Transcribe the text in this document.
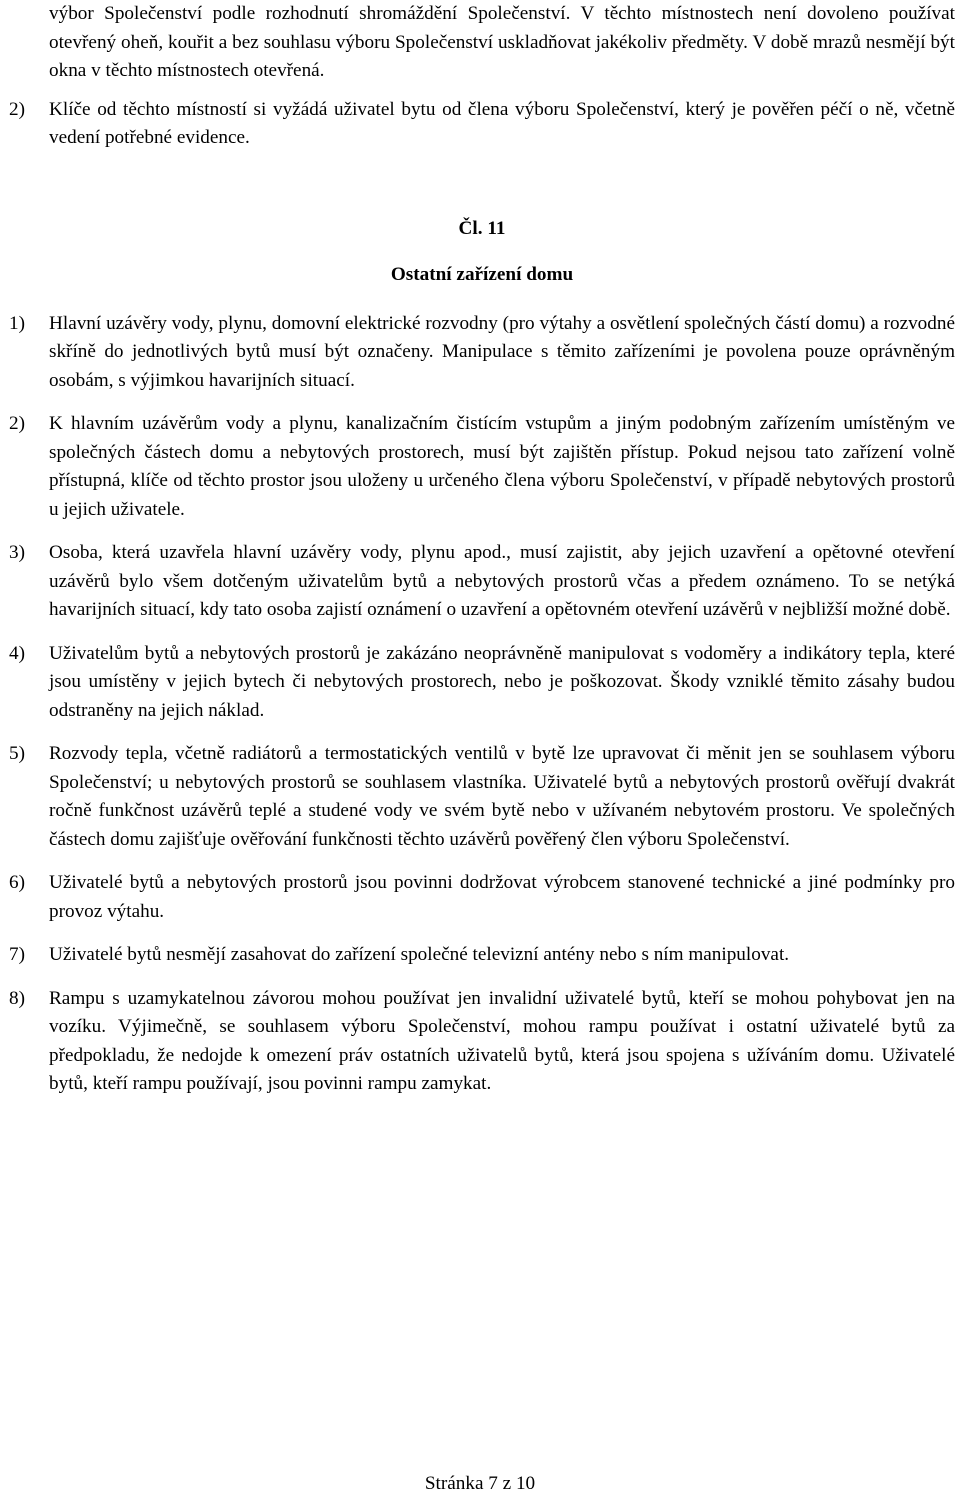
výbor Společenství podle rozhodnutí shromáždění Společenství. V těchto místnostech není dovoleno používat otevřený oheň, kouřit a bez souhlasu výboru Společenství uskladňovat jakékoliv předměty. V době mrazů nesmějí být okna v těchto místnostech otevřená.

2)	Klíče od těchto místností si vyžádá uživatel bytu od člena výboru Společenství, který je pověřen péčí o ně, včetně vedení potřebné evidence.

Čl. 11

Ostatní zařízení domu

1)	Hlavní uzávěry vody, plynu, domovní elektrické rozvodny (pro výtahy a osvětlení společných částí domu) a rozvodné skříně do jednotlivých bytů musí být označeny. Manipulace s těmito zařízeními je povolena pouze oprávněným osobám, s výjimkou havarijních situací.
2)	K hlavním uzávěrům vody a plynu, kanalizačním čistícím vstupům a jiným podobným zařízením umístěným ve společných částech domu a nebytových prostorech, musí být zajištěn přístup. Pokud nejsou tato zařízení volně přístupná, klíče od těchto prostor jsou uloženy u určeného člena výboru Společenství, v případě nebytových prostorů u jejich uživatele.
3)	Osoba, která uzavřela hlavní uzávěry vody, plynu apod., musí zajistit, aby jejich uzavření a opětovné otevření uzávěrů bylo všem dotčeným uživatelům bytů a nebytových prostorů včas a předem oznámeno. To se netýká havarijních situací, kdy tato osoba zajistí oznámení o uzavření a opětovném otevření uzávěrů v nejbližší možné době.
4)	Uživatelům bytů a nebytových prostorů je zakázáno neoprávněně manipulovat s vodoměry a indikátory tepla, které jsou umístěny v jejich bytech či nebytových prostorech, nebo je poškozovat. Škody vzniklé těmito zásahy budou odstraněny na jejich náklad.
5)	Rozvody tepla, včetně radiátorů a termostatických ventilů v bytě lze upravovat či měnit jen se souhlasem výboru Společenství; u nebytových prostorů se souhlasem vlastníka. Uživatelé bytů a nebytových prostorů ověřují dvakrát ročně funkčnost uzávěrů teplé a studené vody ve svém bytě nebo v užívaném nebytovém prostoru. Ve společných částech domu zajišťuje ověřování funkčnosti těchto uzávěrů pověřený člen výboru Společenství.
6)	Uživatelé bytů a nebytových prostorů jsou povinni dodržovat výrobcem stanovené technické a jiné podmínky pro provoz výtahu.
7)	Uživatelé bytů nesmějí zasahovat do zařízení společné televizní antény nebo s ním manipulovat.
8)	Rampu s uzamykatelnou závorou mohou používat jen invalidní uživatelé bytů, kteří se mohou pohybovat jen na vozíku. Výjimečně, se souhlasem výboru Společenství, mohou rampu používat i ostatní uživatelé bytů za předpokladu, že nedojde k omezení práv ostatních uživatelů bytů, která jsou spojena s užíváním domu. Uživatelé bytů, kteří rampu používají, jsou povinni rampu zamykat.
Stránka 7 z 10
